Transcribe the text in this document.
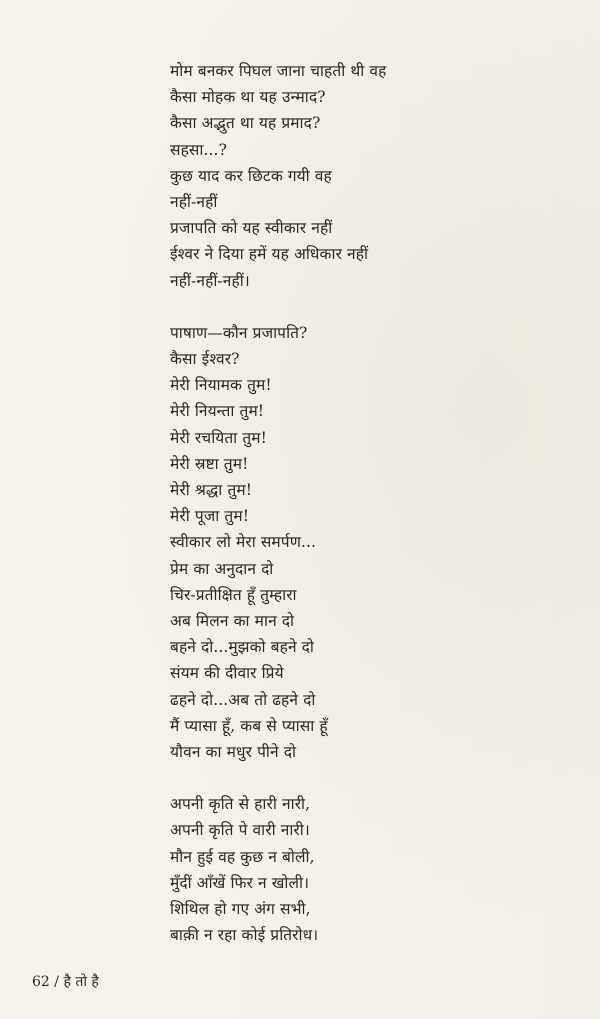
मोम बनकर पिघल जाना चाहती थी वह
कैसा मोहक था यह उन्माद?
कैसा अद्भुत था यह प्रमाद?
सहसा...?
कुछ याद कर छिटक गयी वह
नहीं-नहीं
प्रजापति को यह स्वीकार नहीं
ईश्वर ने दिया हमें यह अधिकार नहीं
नहीं-नहीं-नहीं।
पाषाण—कौन प्रजापति?
कैसा ईश्वर?
मेरी नियामक तुम!
मेरी नियन्ता तुम!
मेरी रचयिता तुम!
मेरी स्रष्टा तुम!
मेरी श्रद्धा तुम!
मेरी पूजा तुम!
स्वीकार लो मेरा समर्पण...
प्रेम का अनुदान दो
चिर-प्रतीक्षित हूँ तुम्हारा
अब मिलन का मान दो
बहने दो...मुझको बहने दो
संयम की दीवार प्रिये
ढहने दो...अब तो ढहने दो
मैं प्यासा हूँ, कब से प्यासा हूँ
यौवन का मधुर पीने दो
अपनी कृति से हारी नारी,
अपनी कृति पे वारी नारी।
मौन हुई वह कुछ न बोली,
मुँदीं आँखें फिर न खोली।
शिथिल हो गए अंग सभी,
बाक़ी न रहा कोई प्रतिरोध।
62 / है तो है
